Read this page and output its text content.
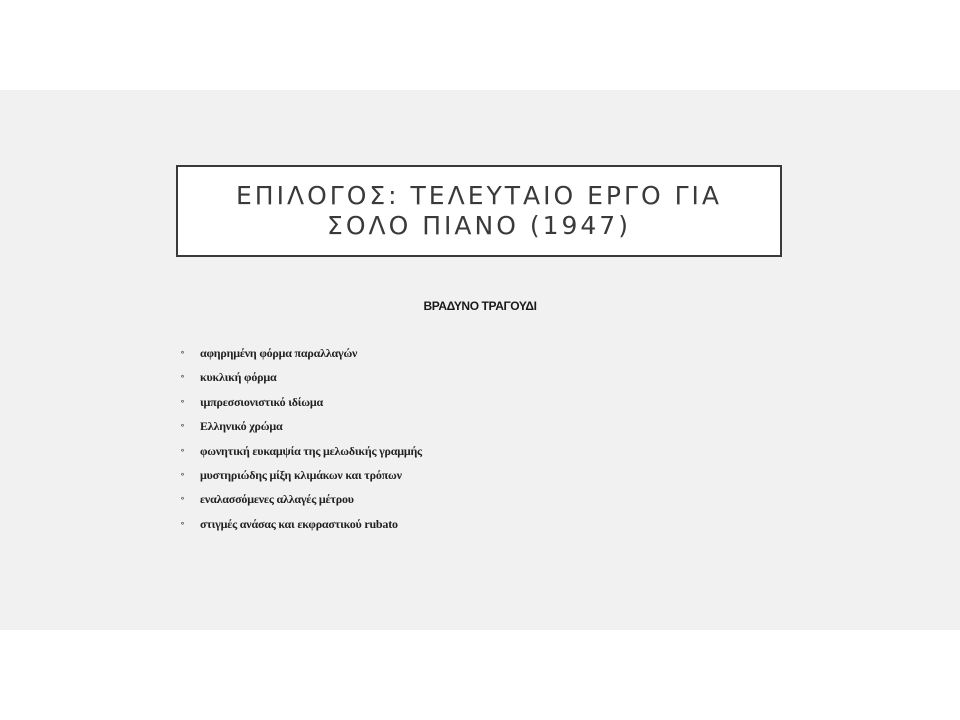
ΕΠΙΛΟΓΟΣ: ΤΕΛΕΥΤΑΙΟ ΕΡΓΟ ΓΙΑ ΣΟΛΟ ΠΙΑΝΟ (1947)
ΒΡΑΔΥΝΟ ΤΡΑΓΟΥΔΙ
∘	αφηρημένη φόρμα παραλλαγών
∘	κυκλική φόρμα
∘	ιμπρεσσιονιστικό ιδίωμα
∘	Ελληνικό χρώμα
∘	φωνητική ευκαμψία της μελωδικής γραμμής
∘	μυστηριώδης μίξη κλιμάκων και τρόπων
∘	εναλασσόμενες αλλαγές μέτρου
∘	στιγμές ανάσας και εκφραστικού rubato
